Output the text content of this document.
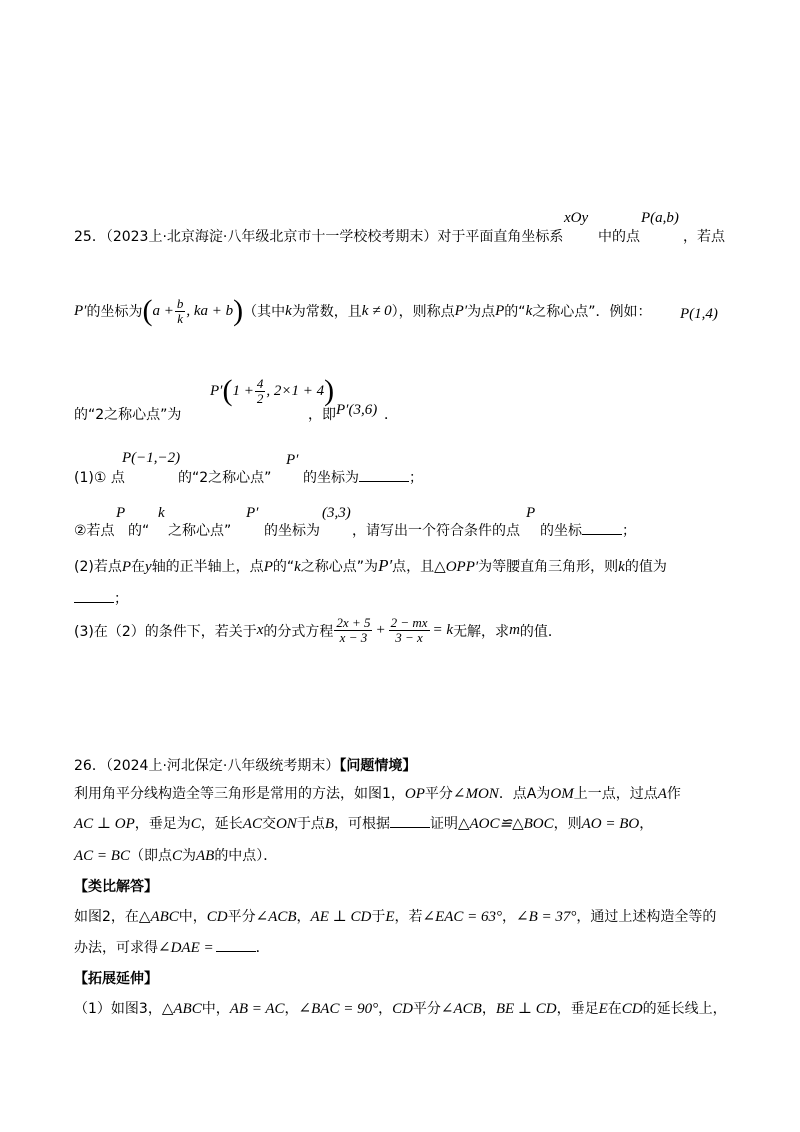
25．（2023上·北京海淀·八年级北京市十一学校校考期末）对于平面直角坐标系
xOy
中的点
P(a,b)
，若点
P′ 的坐标为 ( $a + \frac{b}{k}$ , ka + b ) （其中 k 为常数，且 k ≠ 0 ），则称点 P′ 为点 P 的“ k 之称心点”．例如： P(1,4)
的“2之称心点”为
P′ ( $1 + \frac{4}{2}$ , 2×1 + 4 )
，即 P′(3,6) ．
(1)① 点
P(−1,−2)
的“2之称心点”
P′
的坐标为	；
②若点
P
的“
k
之称心点”
P′
的坐标为
(3,3)
，请写出一个符合条件的点
P
的坐标	；
(2)若点 P 在 y 轴的正半轴上，点 P 的“ k 之称心点”为 P′ 点，且 △OPP′ 为等腰直角三角形，则 k 的值为
；
(3)在（2）的条件下，若关于 x 的分式方程 $\frac{2x + 5}{x - 3} + \frac{2 - mx}{3 - x} = k$ 无解，求 m 的值．
26．（2024上·河北保定·八年级统考期末）【问题情境】
利用角平分线构造全等三角形是常用的方法，如图1， OP 平分 ∠MON ．点A为 OM 上一点，过点 A 作
AC ⊥ OP ，垂足为 C ，延长 AC 交 ON 于点 B ，可根据	证明 △AOC≌△BOC ，则 AO = BO ，
AC = BC （即点 C 为 AB 的中点）．
【类比解答】
如图2，在 △ABC 中， CD 平分 ∠ACB ， AE ⊥ CD 于 E ，若 ∠EAC = 63° ， ∠B = 37° ，通过上述构造全等的
办法，可求得 ∠DAE =	．
【拓展延伸】
（1）如图3， △ABC 中， AB = AC ， ∠BAC = 90° ， CD 平分 ∠ACB ， BE ⊥ CD ，垂足 E 在 CD 的延长线上，
